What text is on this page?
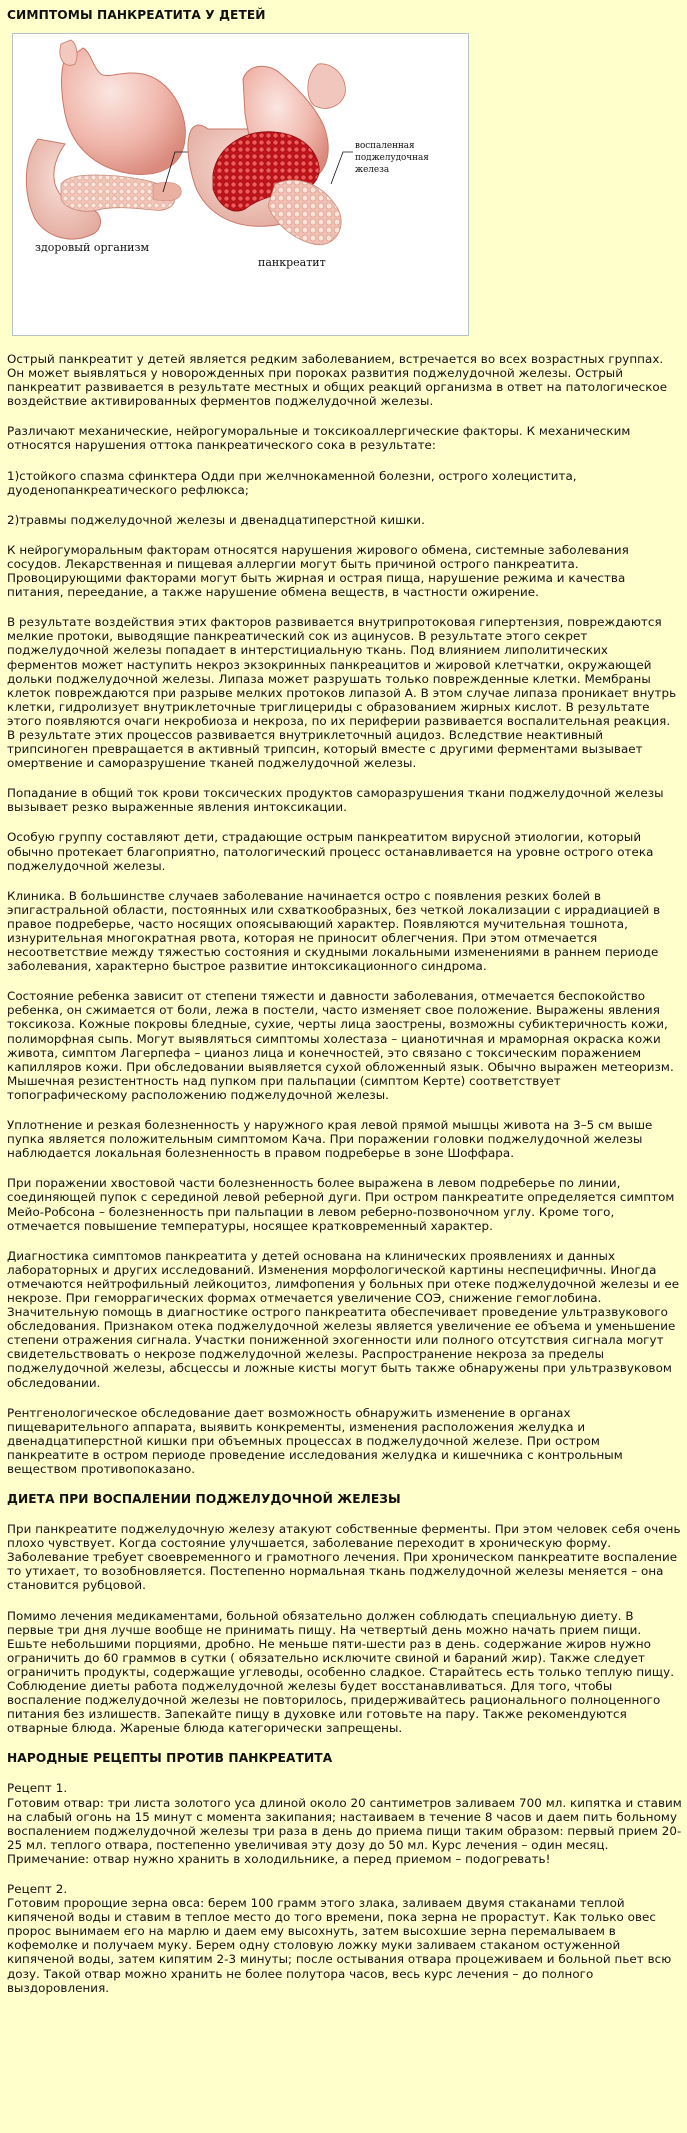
СИМПТОМЫ ПАНКРЕАТИТА У ДЕТЕЙ
здоровый организм
воспаленная
поджелудочная
железа
панкреатит

Острый панкреатит у детей является редким заболеванием, встречается во всех возрастных группах. Он может выявляться у новорожденных при пороках развития поджелудочной железы. Острый панкреатит развивается в результате местных и общих реакций организма в ответ на патологическое воздействие активированных ферментов поджелудочной железы.

Различают механические, нейрогуморальные и токсикоаллергические факторы. К механическим относятся нарушения оттока панкреатического сока в результате:

1)стойкого спазма сфинктера Одди при желчнокаменной болезни, острого холецистита, дуоденопанкреатического рефлюкса;

2)травмы поджелудочной железы и двенадцатиперстной кишки.

К нейрогуморальным факторам относятся нарушения жирового обмена, системные заболевания сосудов. Лекарственная и пищевая аллергии могут быть причиной острого панкреатита. Провоцирующими факторами могут быть жирная и острая пища, нарушение режима и качества питания, переедание, а также нарушение обмена веществ, в частности ожирение.

В результате воздействия этих факторов развивается внутрипротоковая гипертензия, повреждаются мелкие протоки, выводящие панкреатический сок из ацинусов. В результате этого секрет поджелудочной железы попадает в интерстициальную ткань. Под влиянием липолитических ферментов может наступить некроз экзокринных панкреацитов и жировой клетчатки, окружающей дольки поджелудочной железы. Липаза может разрушать только поврежденные клетки. Мембраны клеток повреждаются при разрыве мелких протоков липазой А. В этом случае липаза проникает внутрь клетки, гидролизует внутриклеточные триглицериды с образованием жирных кислот. В результате этого появляются очаги некробиоза и некроза, по их периферии развивается воспалительная реакция. В результате этих процессов развивается внутриклеточный ацидоз. Вследствие неактивный трипсиноген превращается в активный трипсин, который вместе с другими ферментами вызывает омертвение и саморазрушение тканей поджелудочной железы.

Попадание в общий ток крови токсических продуктов саморазрушения ткани поджелудочной железы вызывает резко выраженные явления интоксикации.

Особую группу составляют дети, страдающие острым панкреатитом вирусной этиологии, который обычно протекает благоприятно, патологический процесс останавливается на уровне острого отека поджелудочной железы.

Клиника. В большинстве случаев заболевание начинается остро с появления резких болей в эпигастральной области, постоянных или схваткообразных, без четкой локализации с иррадиацией в правое подреберье, часто носящих опоясывающий характер. Появляются мучительная тошнота, изнурительная многократная рвота, которая не приносит облегчения. При этом отмечается несоответствие между тяжестью состояния и скудными локальными изменениями в раннем периоде заболевания, характерно быстрое развитие интоксикационного синдрома.

Состояние ребенка зависит от степени тяжести и давности заболевания, отмечается беспокойство ребенка, он сжимается от боли, лежа в постели, часто изменяет свое положение. Выражены явления токсикоза. Кожные покровы бледные, сухие, черты лица заострены, возможны субиктеричность кожи, полиморфная сыпь. Могут выявляться симптомы холестаза – цианотичная и мраморная окраска кожи живота, симптом Лагерпефа – цианоз лица и конечностей, это связано с токсическим поражением капилляров кожи. При обследовании выявляется сухой обложенный язык. Обычно выражен метеоризм. Мышечная резистентность над пупком при пальпации (симптом Керте) соответствует топографическому расположению поджелудочной железы.

Уплотнение и резкая болезненность у наружного края левой прямой мышцы живота на 3–5 см выше пупка является положительным симптомом Кача. При поражении головки поджелудочной железы наблюдается локальная болезненность в правом подреберье в зоне Шоффара.

При поражении хвостовой части болезненность более выражена в левом подреберье по линии, соединяющей пупок с серединой левой реберной дуги. При остром панкреатите определяется симптом Мейо-Робсона – болезненность при пальпации в левом реберно-позвоночном углу. Кроме того, отмечается повышение температуры, носящее кратковременный характер.

Диагностика симптомов панкреатита у детей основана на клинических проявлениях и данных лабораторных и других исследований. Изменения морфологической картины неспецифичны. Иногда отмечаются нейтрофильный лейкоцитоз, лимфопения у больных при отеке поджелудочной железы и ее некрозе. При геморрагических формах отмечается увеличение СОЭ, снижение гемоглобина. Значительную помощь в диагностике острого панкреатита обеспечивает проведение ультразвукового обследования. Признаком отека поджелудочной железы является увеличение ее объема и уменьшение степени отражения сигнала. Участки пониженной эхогенности или полного отсутствия сигнала могут свидетельствовать о некрозе поджелудочной железы. Распространение некроза за пределы поджелудочной железы, абсцессы и ложные кисты могут быть также обнаружены при ультразвуковом обследовании.

Рентгенологическое обследование дает возможность обнаружить изменение в органах пищеварительного аппарата, выявить конкременты, изменения расположения желудка и двенадцатиперстной кишки при объемных процессах в поджелудочной железе. При остром панкреатите в остром периоде проведение исследования желудка и кишечника с контрольным веществом противопоказано.

ДИЕТА ПРИ ВОСПАЛЕНИИ ПОДЖЕЛУДОЧНОЙ ЖЕЛЕЗЫ

При панкреатите поджелудочную железу атакуют собственные ферменты. При этом человек себя очень плохо чувствует. Когда состояние улучшается, заболевание переходит в хроническую форму. Заболевание требует своевременного и грамотного лечения. При хроническом панкреатите воспаление то утихает, то возобновляется. Постепенно нормальная ткань поджелудочной железы меняется – она становится рубцовой.

Помимо лечения медикаментами, больной обязательно должен соблюдать специальную диету. В первые три дня лучше вообще не принимать пищу. На четвертый день можно начать прием пищи. Ешьте небольшими порциями, дробно. Не меньше пяти-шести раз в день. содержание жиров нужно ограничить до 60 граммов в сутки ( обязательно исключите свиной и бараний жир). Также следует ограничить продукты, содержащие углеводы, особенно сладкое. Старайтесь есть только теплую пищу. Соблюдение диеты работа поджелудочной железы будет восстанавливаться. Для того, чтобы воспаление поджелудочной железы не повторилось, придерживайтесь рационального полноценного питания без излишеств. Запекайте пищу в духовке или готовьте на пару. Также рекомендуются отварные блюда. Жареные блюда категорически запрещены.

НАРОДНЫЕ РЕЦЕПТЫ ПРОТИВ ПАНКРЕАТИТА

Рецепт 1.
Готовим отвар: три листа золотого уса длиной около 20 сантиметров заливаем 700 мл. кипятка и ставим на слабый огонь на 15 минут с момента закипания; настаиваем в течение 8 часов и даем пить больному воспалением поджелудочной железы три раза в день до приема пищи таким образом: первый прием 20-25 мл. теплого отвара, постепенно увеличивая эту дозу до 50 мл. Курс лечения – один месяц. Примечание: отвар нужно хранить в холодильнике, а перед приемом – подогревать!

Рецепт 2.
Готовим пророщие зерна овса: берем 100 грамм этого злака, заливаем двумя стаканами теплой кипяченой воды и ставим в теплое место до того времени, пока зерна не прорастут. Как только овес пророс вынимаем его на марлю и даем ему высохнуть, затем высохшие зерна перемалываем в кофемолке и получаем муку. Берем одну столовую ложку муки заливаем стаканом остуженной кипяченой воды, затем кипятим 2-3 минуты; после остывания отвара процеживаем и больной пьет всю дозу. Такой отвар можно хранить не более полутора часов, весь курс лечения – до полного выздоровления.
